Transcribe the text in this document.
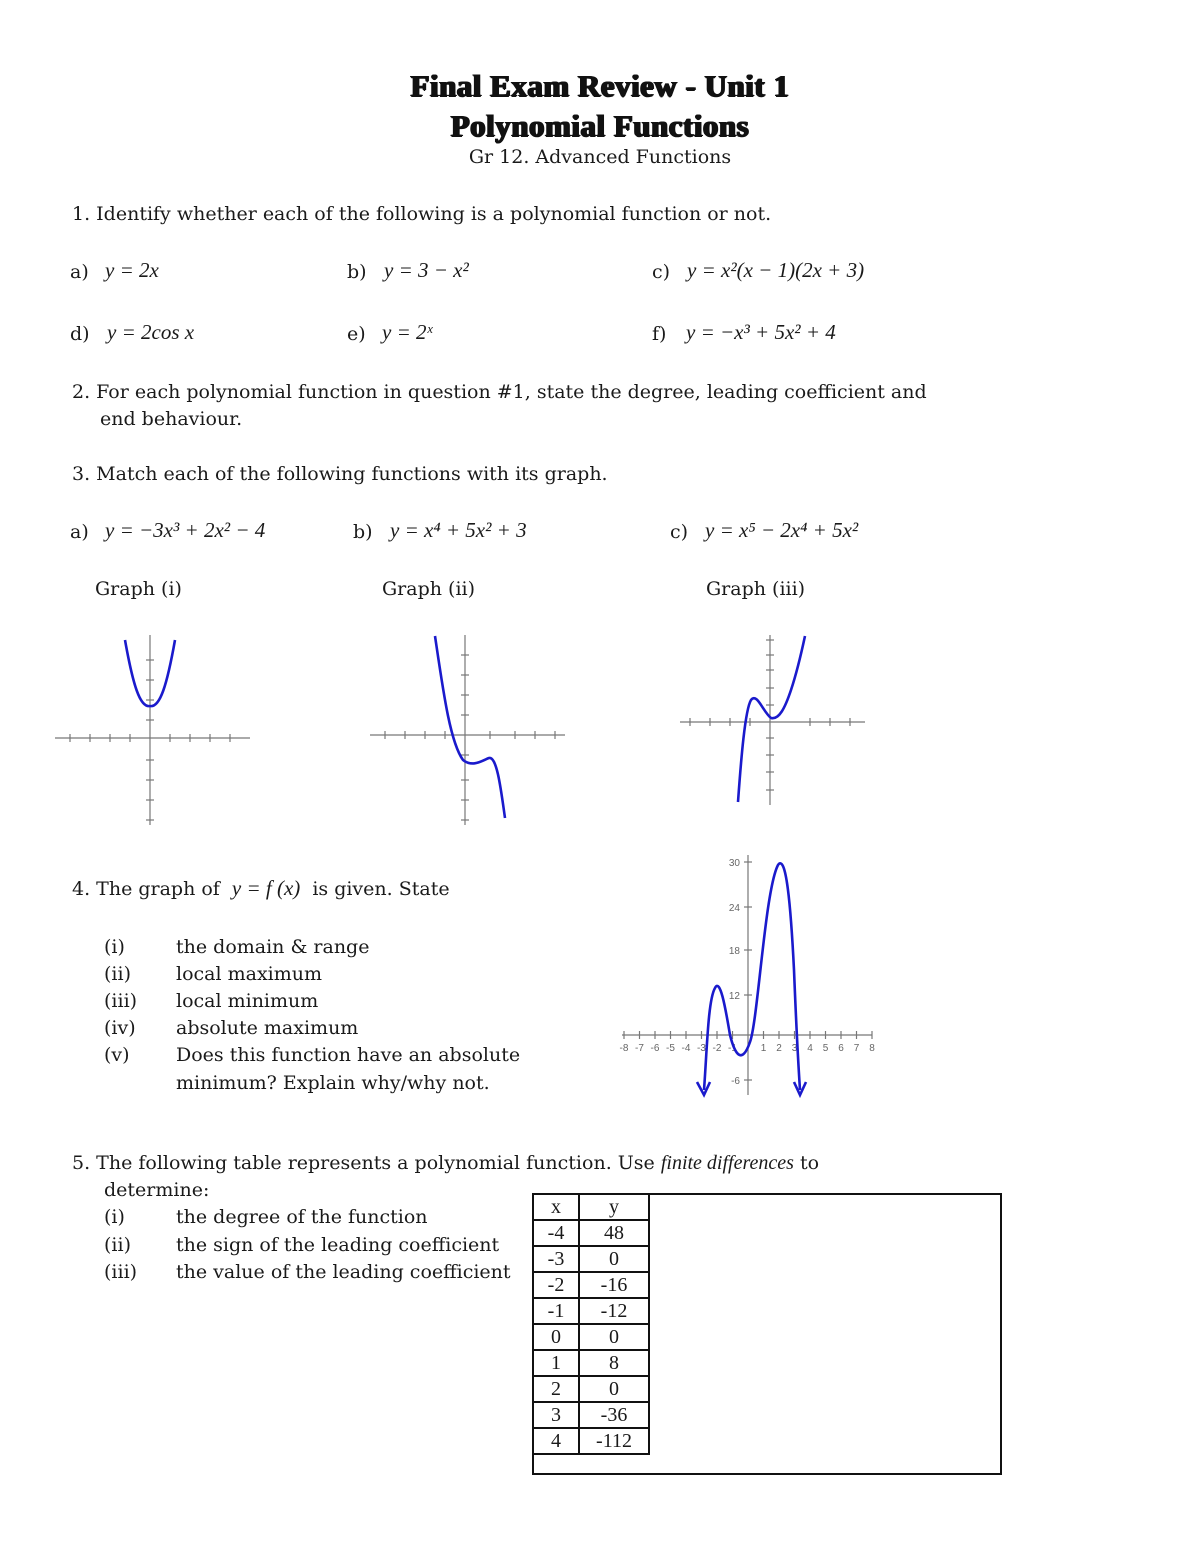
Final Exam Review - Unit 1
Polynomial Functions
Gr 12. Advanced Functions
1. Identify whether each of the following is a polynomial function or not.
a) y = 2x	b) y = 3 − x²	c) y = x²(x − 1)(2x + 3)
d) y = 2cos x	e) y = 2ˣ	f) y = −x³ + 5x² + 4
2. For each polynomial function in question #1, state the degree, leading coefficient and
end behaviour.
3. Match each of the following functions with its graph.
a) y = −3x³ + 2x² − 4	b) y = x⁴ + 5x² + 3	c) y = x⁵ − 2x⁴ + 5x²
Graph (i)	Graph (ii)	Graph (iii)
4. The graph of y = f (x) is given. State
(i)	the domain & range
(ii) local maximum
(iii) local minimum
(iv) absolute maximum
(v) Does this function have an absolute
minimum? Explain why/why not.
30
24
18
12
-6
-8 -7 -6 -5 -4 -3 -2 -1 1 2 3 4 5 6 7 8
5. The following table represents a polynomial function. Use finite differences to
determine:
(i)	the degree of the function
(ii) the sign of the leading coefficient
(iii) the value of the leading coefficient
x	y
-4	48
-3	0
-2	-16
-1	-12
0	0
1	8
2	0
3	-36
4	-112
